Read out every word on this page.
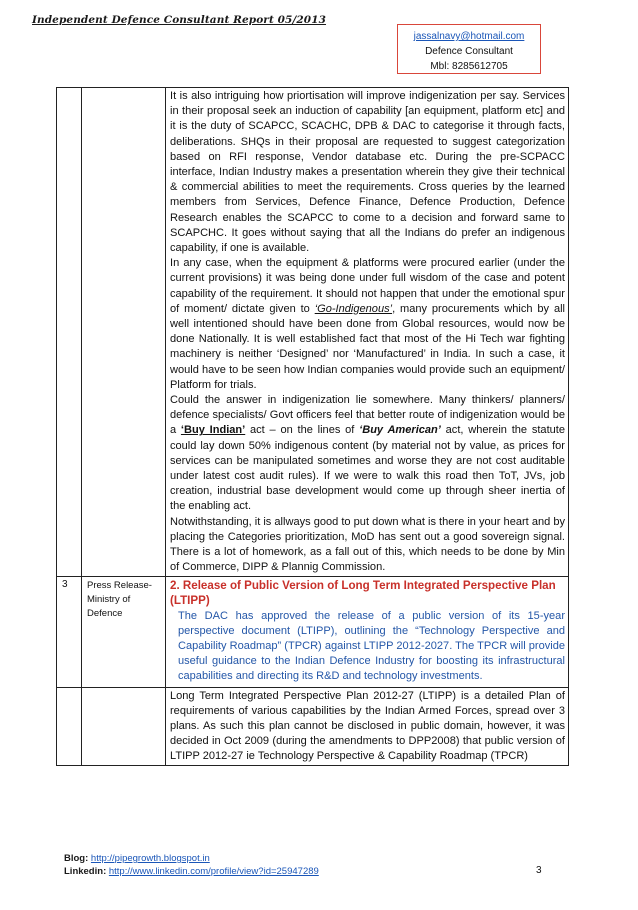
Independent Defence Consultant Report 05/2013
jassalnavy@hotmail.com
Defence Consultant
Mbl: 8285612705

		It is also intriguing how priortisation will improve indigenization per say. Services in their proposal seek an induction of capability [an equipment, platform etc] and it is the duty of SCAPCC, SCACHC, DPB & DAC to categorise it through facts, deliberations. SHQs in their proposal are requested to suggest categorization based on RFI response, Vendor database etc. During the pre-SCPACC interface, Indian Industry makes a presentation wherein they give their technical & commercial abilities to meet the requirements. Cross queries by the learned members from Services, Defence Finance, Defence Production, Defence Research enables the SCAPCC to come to a decision and forward same to SCAPCHC. It goes without saying that all the Indians do prefer an indigenous capability, if one is available.

In any case, when the equipment & platforms were procured earlier (under the current provisions) it was being done under full wisdom of the case and potent capability of the requirement. It should not happen that under the emotional spur of moment/ dictate given to ‘Go-Indigenous’, many procurements which by all well intentioned should have been done from Global resources, would now be done Nationally. It is well established fact that most of the Hi Tech war fighting machinery is neither ‘Designed’ nor ‘Manufactured’ in India. In such a case, it would have to be seen how Indian companies would provide such an equipment/ Platform for trials.

Could the answer in indigenization lie somewhere. Many thinkers/ planners/ defence specialists/ Govt officers feel that better route of indigenization would be a ‘Buy Indian’ act – on the lines of ‘Buy American’ act, wherein the statute could lay down 50% indigenous content (by material not by value, as prices for services can be manipulated sometimes and worse they are not cost auditable under latest cost audit rules). If we were to walk this road then ToT, JVs, job creation, industrial base development would come up through sheer inertia of the enabling act.

Notwithstanding, it is allways good to put down what is there in your heart and by placing the Categories prioritization, MoD has sent out a good sovereign signal. There is a lot of homework, as a fall out of this, which needs to be done by Min of Commerce, DIPP & Plannig Commission.

3	Press Release- Ministry of Defence	2. Release of Public Version of Long Term Integrated Perspective Plan (LTIPP)
The DAC has approved the release of a public version of its 15-year perspective document (LTIPP), outlining the “Technology Perspective and Capability Roadmap” (TPCR) against LTIPP 2012-2027. The TPCR will provide useful guidance to the Indian Defence Industry for boosting its infrastructural capabilities and directing its R&D and technology investments.

		Long Term Integrated Perspective Plan 2012-27 (LTIPP) is a detailed Plan of requirements of various capabilities by the Indian Armed Forces, spread over 3 plans. As such this plan cannot be disclosed in public domain, however, it was decided in Oct 2009 (during the amendments to DPP2008) that public version of LTIPP 2012-27 ie Technology Perspective & Capability Roadmap (TPCR)
Blog: http://pipegrowth.blogspot.in
Linkedin: http://www.linkedin.com/profile/view?id=25947289	3
